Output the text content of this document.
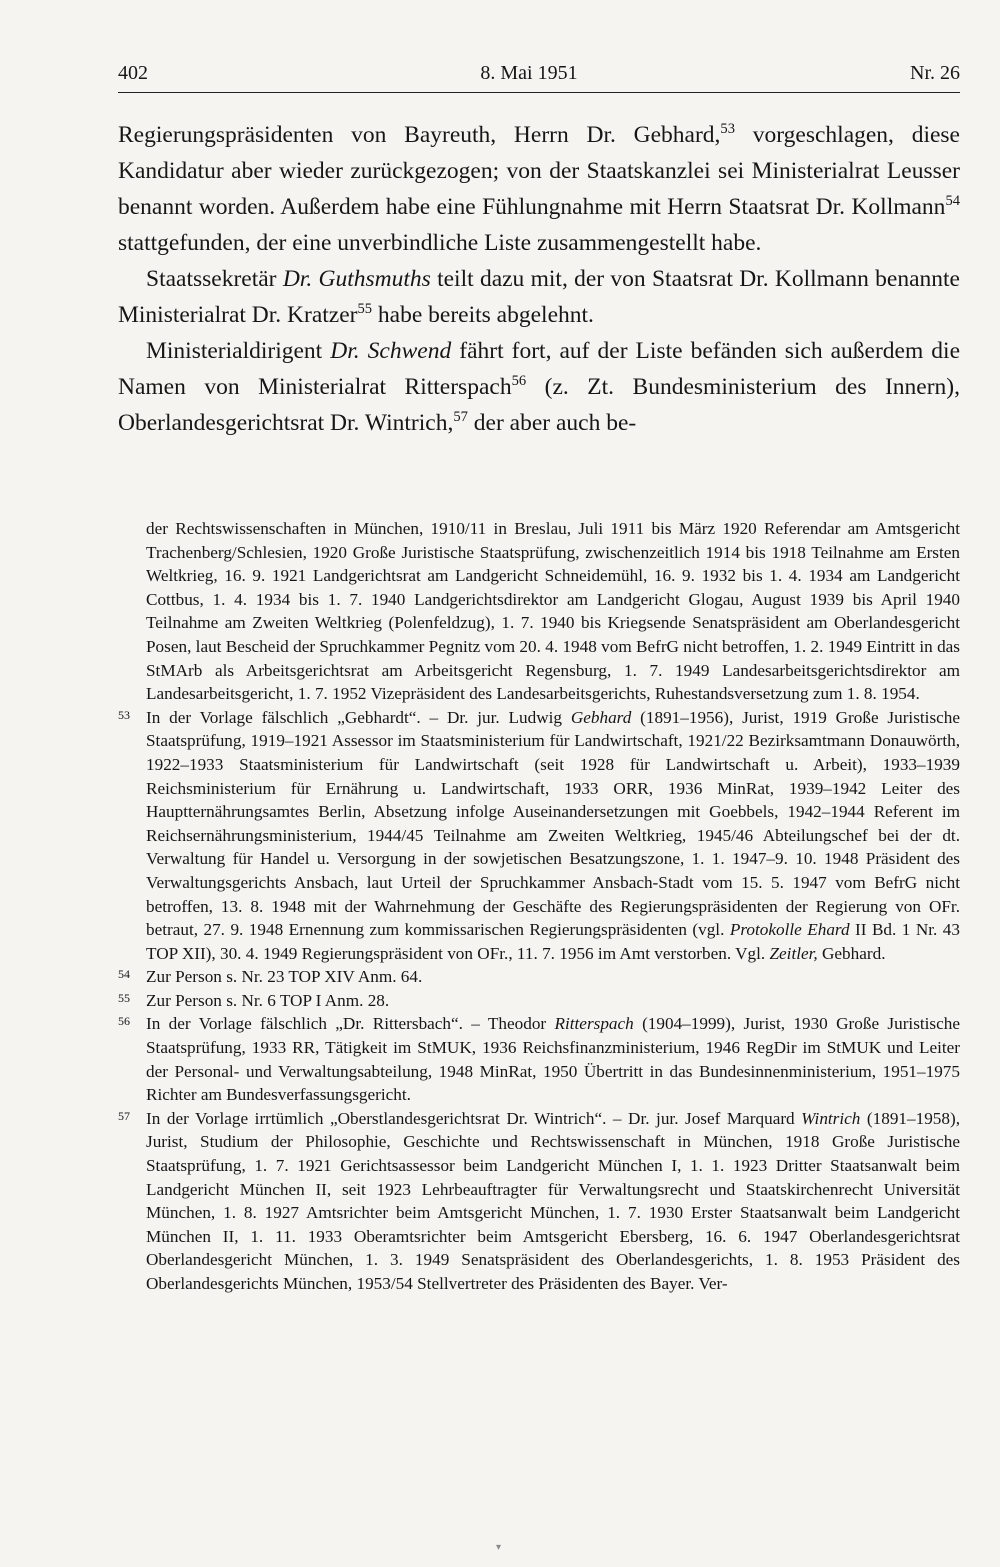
402	8. Mai 1951	Nr. 26

Regierungspräsidenten von Bayreuth, Herrn Dr. Gebhard,$^{53}$ vorgeschlagen, diese Kandidatur aber wieder zurückgezogen; von der Staatskanzlei sei Ministerialrat Leusser benannt worden. Außerdem habe eine Fühlungnahme mit Herrn Staatsrat Dr. Kollmann$^{54}$ stattgefunden, der eine unverbindliche Liste zusammengestellt habe.

Staatssekretär Dr. Guthsmuths teilt dazu mit, der von Staatsrat Dr. Kollmann benannte Ministerialrat Dr. Kratzer$^{55}$ habe bereits abgelehnt.

Ministerialdirigent Dr. Schwend fährt fort, auf der Liste befänden sich außerdem die Namen von Ministerialrat Ritterspach$^{56}$ (z. Zt. Bundesministerium des Innern), Oberlandesgerichtsrat Dr. Wintrich,$^{57}$ der aber auch be-

der Rechtswissenschaften in München, 1910/11 in Breslau, Juli 1911 bis März 1920 Referendar am Amtsgericht Trachenberg/Schlesien, 1920 Große Juristische Staatsprüfung, zwischenzeitlich 1914 bis 1918 Teilnahme am Ersten Weltkrieg, 16. 9. 1921 Landgerichtsrat am Landgericht Schneidemühl, 16. 9. 1932 bis 1. 4. 1934 am Landgericht Cottbus, 1. 4. 1934 bis 1. 7. 1940 Landgerichtsdirektor am Landgericht Glogau, August 1939 bis April 1940 Teilnahme am Zweiten Weltkrieg (Polenfeldzug), 1. 7. 1940 bis Kriegsende Senatspräsident am Oberlandesgericht Posen, laut Bescheid der Spruchkammer Pegnitz vom 20. 4. 1948 vom BefrG nicht betroffen, 1. 2. 1949 Eintritt in das StMArb als Arbeitsgerichtsrat am Arbeitsgericht Regensburg, 1. 7. 1949 Landesarbeitsgerichtsdirektor am Landesarbeitsgericht, 1. 7. 1952 Vizepräsident des Landesarbeitsgerichts, Ruhestandsversetzung zum 1. 8. 1954.

53 In der Vorlage fälschlich „Gebhardt“. – Dr. jur. Ludwig Gebhard (1891–1956), Jurist, 1919 Große Juristische Staatsprüfung, 1919–1921 Assessor im Staatsministerium für Landwirtschaft, 1921/22 Bezirksamtmann Donauwörth, 1922–1933 Staatsministerium für Landwirtschaft (seit 1928 für Landwirtschaft u. Arbeit), 1933–1939 Reichsministerium für Ernährung u. Landwirtschaft, 1933 ORR, 1936 MinRat, 1939–1942 Leiter des Hauptternährungsamtes Berlin, Absetzung infolge Auseinandersetzungen mit Goebbels, 1942–1944 Referent im Reichsernährungsministerium, 1944/45 Teilnahme am Zweiten Weltkrieg, 1945/46 Abteilungschef bei der dt. Verwaltung für Handel u. Versorgung in der sowjetischen Besatzungszone, 1. 1. 1947–9. 10. 1948 Präsident des Verwaltungsgerichts Ansbach, laut Urteil der Spruchkammer Ansbach-Stadt vom 15. 5. 1947 vom BefrG nicht betroffen, 13. 8. 1948 mit der Wahrnehmung der Geschäfte des Regierungspräsidenten der Regierung von OFr. betraut, 27. 9. 1948 Ernennung zum kommissarischen Regierungspräsidenten (vgl. Protokolle Ehard II Bd. 1 Nr. 43 TOP XII), 30. 4. 1949 Regierungspräsident von OFr., 11. 7. 1956 im Amt verstorben. Vgl. Zeitler, Gebhard.

54 Zur Person s. Nr. 23 TOP XIV Anm. 64.

55 Zur Person s. Nr. 6 TOP I Anm. 28.

56 In der Vorlage fälschlich „Dr. Rittersbach“. – Theodor Ritterspach (1904–1999), Jurist, 1930 Große Juristische Staatsprüfung, 1933 RR, Tätigkeit im StMUK, 1936 Reichsfinanzministerium, 1946 RegDir im StMUK und Leiter der Personal- und Verwaltungsabteilung, 1948 MinRat, 1950 Übertritt in das Bundesinnenministerium, 1951–1975 Richter am Bundesverfassungsgericht.

57 In der Vorlage irrtümlich „Oberstlandesgerichtsrat Dr. Wintrich“. – Dr. jur. Josef Marquard Wintrich (1891–1958), Jurist, Studium der Philosophie, Geschichte und Rechtswissenschaft in München, 1918 Große Juristische Staatsprüfung, 1. 7. 1921 Gerichtsassessor beim Landgericht München I, 1. 1. 1923 Dritter Staatsanwalt beim Landgericht München II, seit 1923 Lehrbeauftragter für Verwaltungsrecht und Staatskirchenrecht Universität München, 1. 8. 1927 Amtsrichter beim Amtsgericht München, 1. 7. 1930 Erster Staatsanwalt beim Landgericht München II, 1. 11. 1933 Oberamtsrichter beim Amtsgericht Ebersberg, 16. 6. 1947 Oberlandesgerichtsrat Oberlandesgericht München, 1. 3. 1949 Senatspräsident des Oberlandesgerichts, 1. 8. 1953 Präsident des Oberlandesgerichts München, 1953/54 Stellvertreter des Präsidenten des Bayer. Ver-

▾
